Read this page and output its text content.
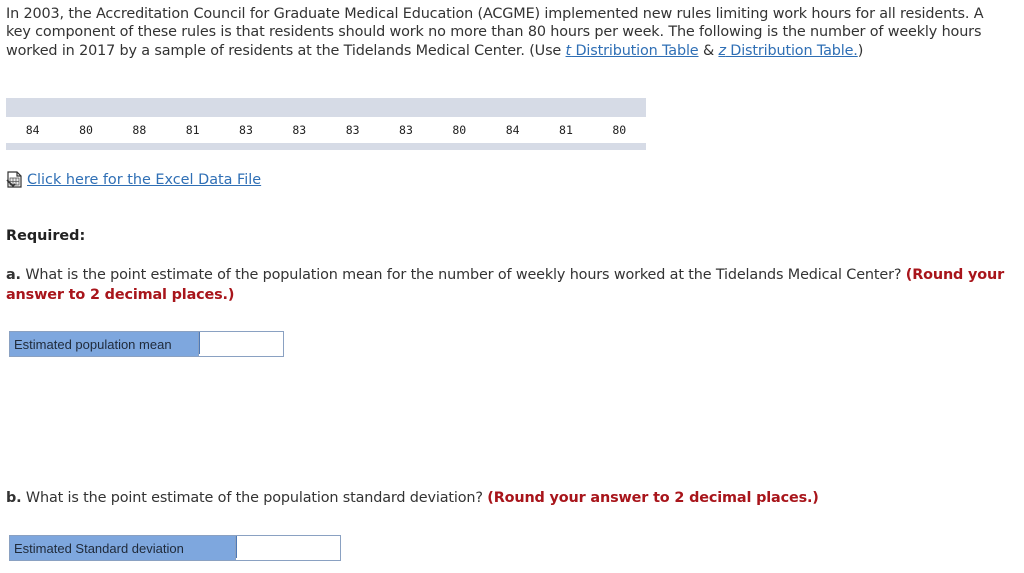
In 2003, the Accreditation Council for Graduate Medical Education (ACGME) implemented new rules limiting work hours for all residents. A key component of these rules is that residents should work no more than 80 hours per week. The following is the number of weekly hours worked in 2017 by a sample of residents at the Tidelands Medical Center. (Use t Distribution Table & z Distribution Table.)

84	80	88	81	83	83	83	83	80	84	81	80

Click here for the Excel Data File
Required:
a. What is the point estimate of the population mean for the number of weekly hours worked at the Tidelands Medical Center? (Round your answer to 2 decimal places.)
Estimated population mean
b. What is the point estimate of the population standard deviation? (Round your answer to 2 decimal places.)
Estimated Standard deviation
